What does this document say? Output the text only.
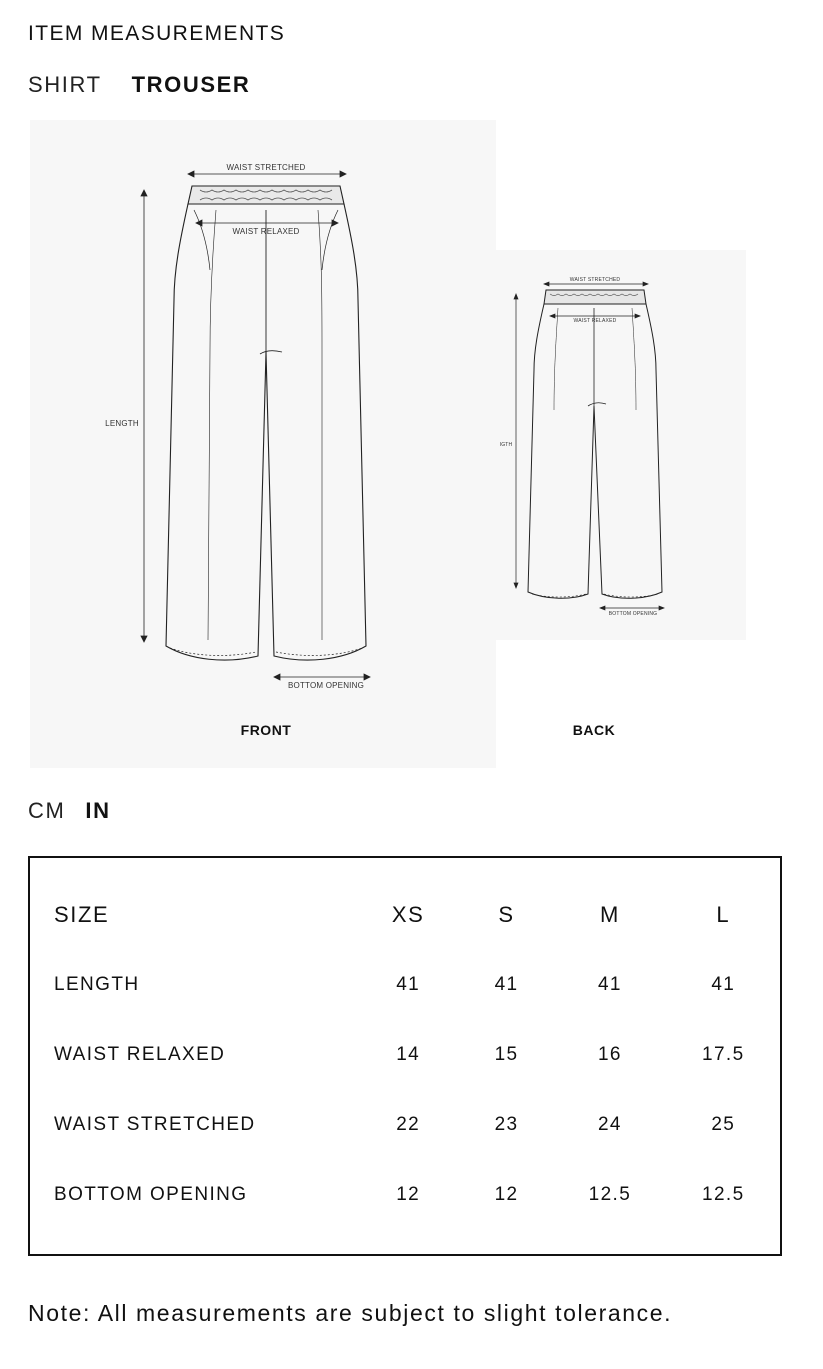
ITEM MEASUREMENTS
SHIRT TROUSER
WAIST STRETCHED
WAIST RELAXED
LENGTH
BOTTOM OPENING
FRONT
WAIST STRETCHED
WAIST RELAXED
IGTH
BOTTOM OPENING
BACK
CM IN
SIZE	XS	S	M	L
LENGTH	41	41	41	41
WAIST RELAXED	14	15	16	17.5
WAIST STRETCHED	22	23	24	25
BOTTOM OPENING	12	12	12.5	12.5
Note: All measurements are subject to slight tolerance.
